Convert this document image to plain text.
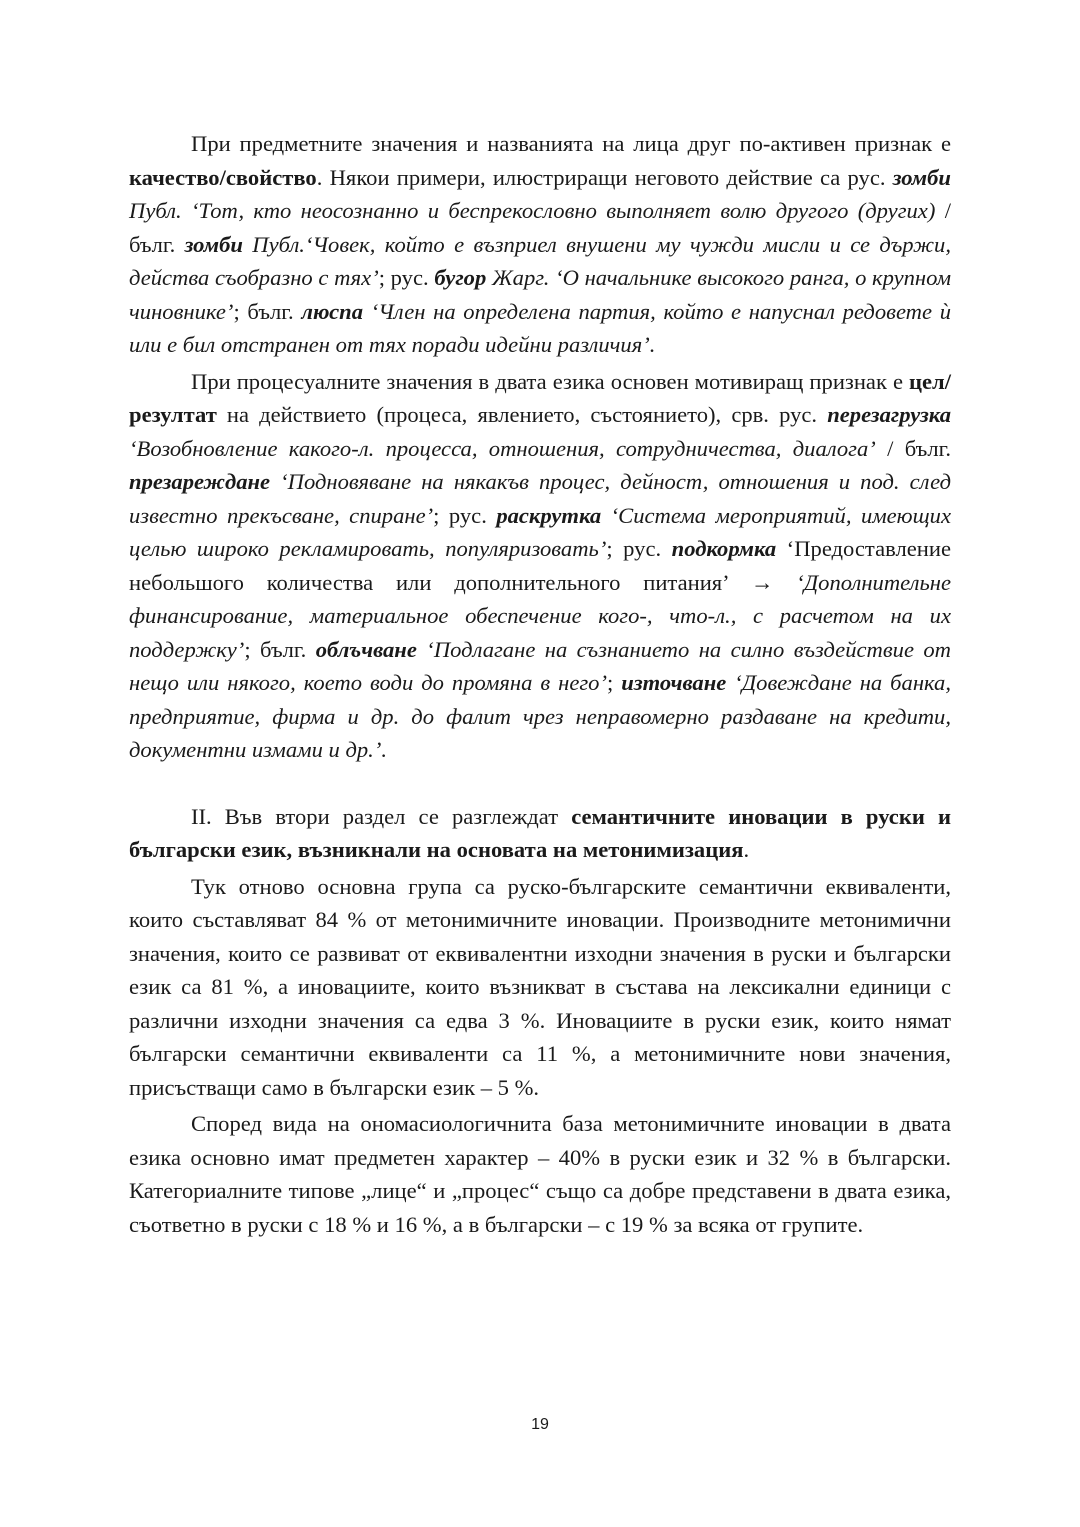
При предметните значения и названията на лица друг по-активен признак е качество/свойство. Някои примери, илюстриращи неговото действие са рус. зомби Публ. ‘Тот, кто неосознанно и беспрекословно выполняет волю другого (других) / бълг. зомби Публ.‘Човек, който е възприел внушени му чужди мисли и се държи, действа съобразно с тях’; рус. бугор Жарг. ‘О начальнике высокого ранга, о крупном чиновнике’; бълг. люспа ‘Член на определена партия, който е напуснал редовете ѝ или е бил отстранен от тях поради идейни различия’.

При процесуалните значения в двата езика основен мотивиращ признак е цел/резултат на действието (процеса, явлението, състоянието), срв. рус. перезагрузка ‘Возобновление какого-л. процесса, отношения, сотрудничества, диалога’ / бълг. презареждане ‘Подновяване на някакъв процес, дейност, отношения и под. след известно прекъсване, спиране’; рус. раскрутка ‘Система мероприятий, имеющих целью широко рекламировать, популяризовать’; рус. подкормка ‘Предоставление небольшого количества или дополнительного питания’ → ‘Дополнительне финансирование, материальное обеспечение кого-, что-л., с расчетом на их поддержку’; бълг. облъчване ‘Подлагане на съзнанието на силно въздействие от нещо или някого, което води до промяна в него’; източване ‘Довеждане на банка, предприятие, фирма и др. до фалит чрез неправомерно раздаване на кредити, документни измами и др.’.

II. Във втори раздел се разглеждат семантичните иновации в руски и български език, възникнали на основата на метонимизация.

Тук отново основна група са руско-българските семантични еквиваленти, които съставляват 84 % от метонимичните иновации. Производните метонимични значения, които се развиват от еквивалентни изходни значения в руски и български език са 81 %, а иновациите, които възникват в състава на лексикални единици с различни изходни значения са едва 3 %. Иновациите в руски език, които нямат български семантични еквиваленти са 11 %, а метонимичните нови значения, присъстващи само в български език – 5 %.

Според вида на ономасиологичнита база метонимичните иновации в двата езика основно имат предметен характер – 40% в руски език и 32 % в български. Категориалните типове „лице“ и „процес“ също са добре представени в двата езика, съответно в руски с 18 % и 16 %, а в български – с 19 % за всяка от групите.

19
